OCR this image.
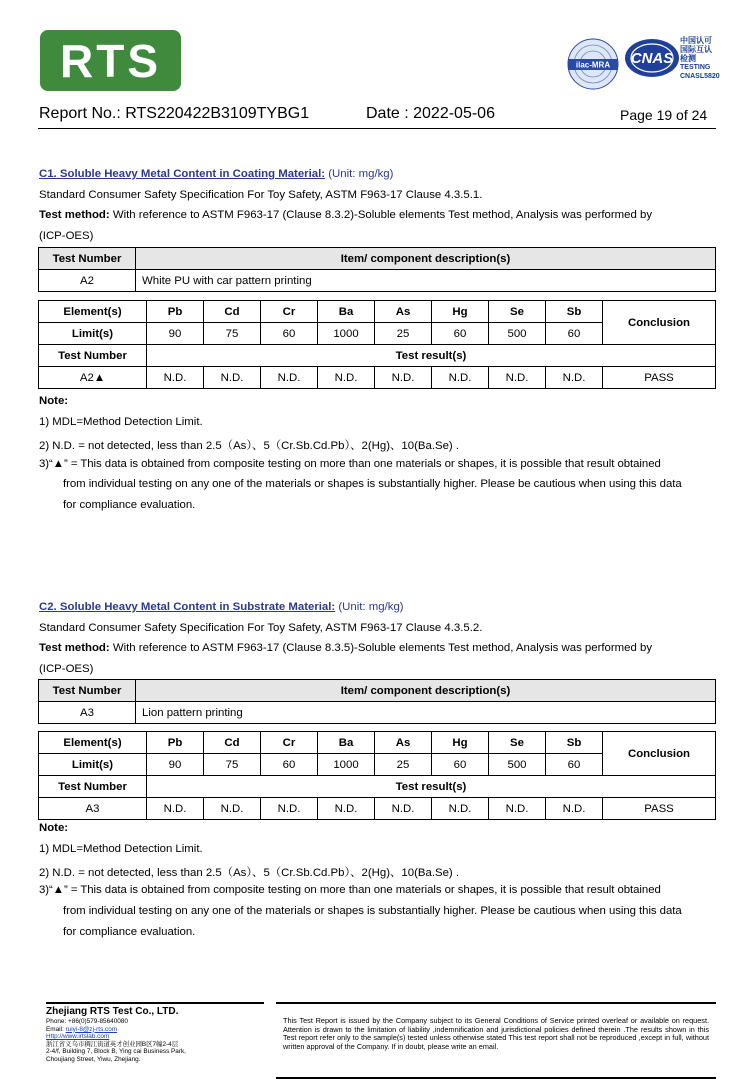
RTS	ilac-MRA CNAS
中国认可
国际互认
检测
TESTING
CNASL5820
Report No.: RTS220422B3109TYBG1	Date : 2022-05-06	Page 19 of 24
C1. Soluble Heavy Metal Content in Coating Material: (Unit: mg/kg)
Standard Consumer Safety Specification For Toy Safety, ASTM F963-17 Clause 4.3.5.1.
Test method: With reference to ASTM F963-17 (Clause 8.3.2)-Soluble elements Test method, Analysis was performed by
(ICP-OES)
Test Number	Item/ component description(s)
A2	White PU with car pattern printing
Element(s)	Pb	Cd	Cr	Ba	As	Hg	Se	Sb	Conclusion
Limit(s)	90	75	60	1000	25	60	500	60	
Test Number	Test result(s)								
A2▲	N.D.	N.D.	N.D.	N.D.	N.D.	N.D.	N.D.	N.D.	PASS
Note:
1) MDL=Method Detection Limit.
2) N.D. = not detected, less than 2.5（As）、5（Cr.Sb.Cd.Pb）、2(Hg)、10(Ba.Se) .
3)“▲” = This data is obtained from composite testing on more than one materials or shapes, it is possible that result obtained
from individual testing on any one of the materials or shapes is substantially higher. Please be cautious when using this data
for compliance evaluation.
C2. Soluble Heavy Metal Content in Substrate Material: (Unit: mg/kg)
Standard Consumer Safety Specification For Toy Safety, ASTM F963-17 Clause 4.3.5.2.
Test method: With reference to ASTM F963-17 (Clause 8.3.5)-Soluble elements Test method, Analysis was performed by
(ICP-OES)
Test Number	Item/ component description(s)
A3	Lion pattern printing
Element(s)	Pb	Cd	Cr	Ba	As	Hg	Se	Sb	Conclusion
Limit(s)	90	75	60	1000	25	60	500	60	
Test Number	Test result(s)								
A3	N.D.	N.D.	N.D.	N.D.	N.D.	N.D.	N.D.	N.D.	PASS
Note:
1) MDL=Method Detection Limit.
2) N.D. = not detected, less than 2.5（As）、5（Cr.Sb.Cd.Pb）、2(Hg)、10(Ba.Se) .
3)“▲” = This data is obtained from composite testing on more than one materials or shapes, it is possible that result obtained
from individual testing on any one of the materials or shapes is substantially higher. Please be cautious when using this data
for compliance evaluation.
Zhejiang RTS Test Co., LTD.
Phone: +86(0)579-85640080
Email: ruiyi-8@zj-rts.com
Http://www.irtslab.com
浙江省义乌市稠江街道英才创业园B区7幢2-4层
2-4/f, Building 7, Block B, Ying cai Business Park,
Choujiang Street, Yiwu, Zhejiang.
This Test Report is issued by the Company subject to its General Conditions of Service printed overleaf or available on request. Attention is drawn to the limitation of liability ,indemnification and jurisdictional policies defined therein .The results shown in this Test report refer only to the sample(s) tested unless otherwise stated This test report shall not be reproduced ,except in full, without written approval of the Company. If in doubt, please write an email.
